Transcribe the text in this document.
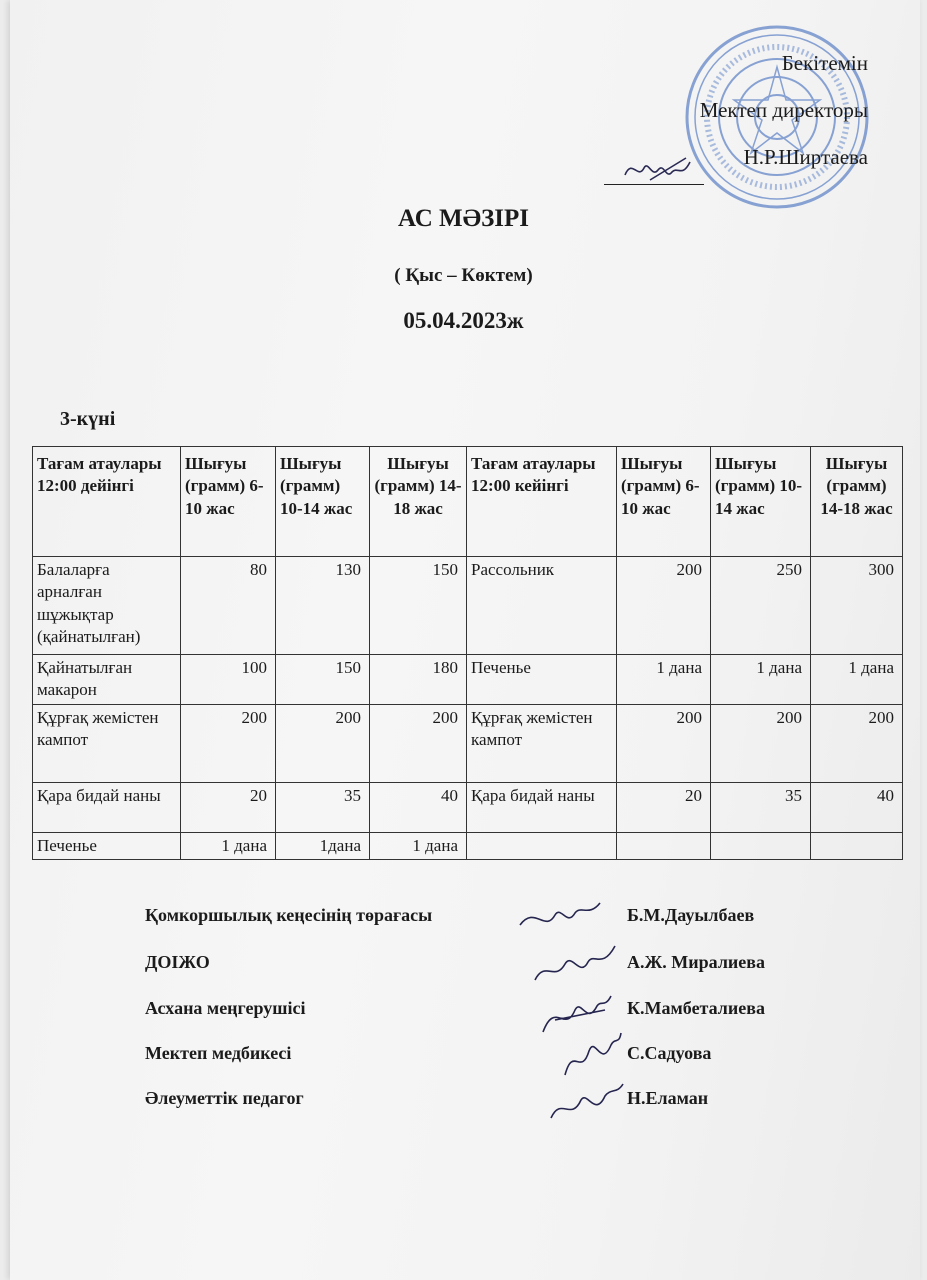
Бекітемін
Мектеп директоры
Н.Р.Ширтаева
АС МӘЗІРІ
( Қыс – Көктем)
05.04.2023ж
3-күні
Тағам атаулары 12:00 дейінгі	Шығуы (грамм) 6-10 жас	Шығуы (грамм) 10-14 жас	Шығуы (грамм) 14-18 жас	Тағам атаулары 12:00 кейінгі	Шығуы (грамм) 6-10 жас	Шығуы (грамм) 10-14 жас	Шығуы (грамм) 14-18 жас
Балаларға арналған шұжықтар (қайнатылған)	80	130	150	Рассольник	200	250	300
Қайнатылған макарон	100	150	180	Печенье	1 дана	1 дана	1 дана
Құрғақ жемістен кампот	200	200	200	Құрғақ жемістен кампот	200	200	200
Қара бидай наны	20	35	40	Қара бидай наны	20	35	40
Печенье	1 дана	1дана	1 дана				
Қомкоршылық кеңесінің төрағасы	Б.М.Дауылбаев
ДОІЖО	А.Ж. Миралиева
Асхана меңгерушісі	К.Мамбеталиева
Мектеп медбикесі	С.Садуова
Әлеуметтік педагог	Н.Еламан
